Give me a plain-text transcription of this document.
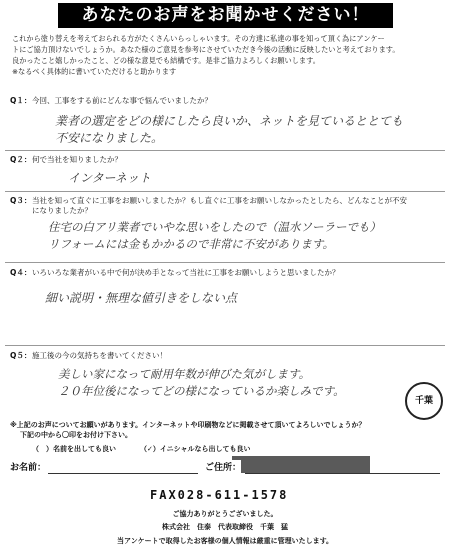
あなたのお声をお聞かせください！
これから塗り替えを考えておられる方がたくさんいらっしゃいます。その方達に私達の事を知って頂く為にアンケー
トにご協力頂けないでしょうか。あなた様のご意見を参考にさせていただき今後の活動に反映したいと考えております。
良かったこと嬉しかったこと、どの様な意見でも結構です。是非ご協力よろしくお願いします。
※なるべく具体的に書いていただけると助かります
Q１：今回、工事をする前にどんな事で悩んでいましたか？
業者の選定をどの様にしたら良いか、ネットを見ているととても
不安になりました。
Q２：何で当社を知りましたか？
インターネット
Q３：当社を知って直ぐに工事をお願いしましたか？もし直ぐに工事をお願いしなかったとしたら、どんなことが不安
になりましたか？
住宅の白アリ業者でいやな思いをしたので（温水ソーラーでも）
リフォームには金もかかるので非常に不安があります。
Q４：いろいろな業者がいる中で何が決め手となって当社に工事をお願いしようと思いましたか？
細い説明・無理な値引きをしない点
Q５：施工後の今の気持ちを書いてください！
美しい家になって耐用年数が伸びた気がします。
２０年位後になってどの様になっているか楽しみです。
千葉
※上記のお声についてお願いがあります。インターネットや印刷物などに掲載させて頂いてよろしいでしょうか？
下記の中から〇印をお付け下さい。
（　）名前を出しても良い	（✓）イニシャルなら出しても良い
お名前：	ご住所：
FAX028-611-1578
ご協力ありがとうございました。
株式会社　住泰　代表取締役　千葉　猛
当アンケートで取得したお客様の個人情報は厳重に管理いたします。
